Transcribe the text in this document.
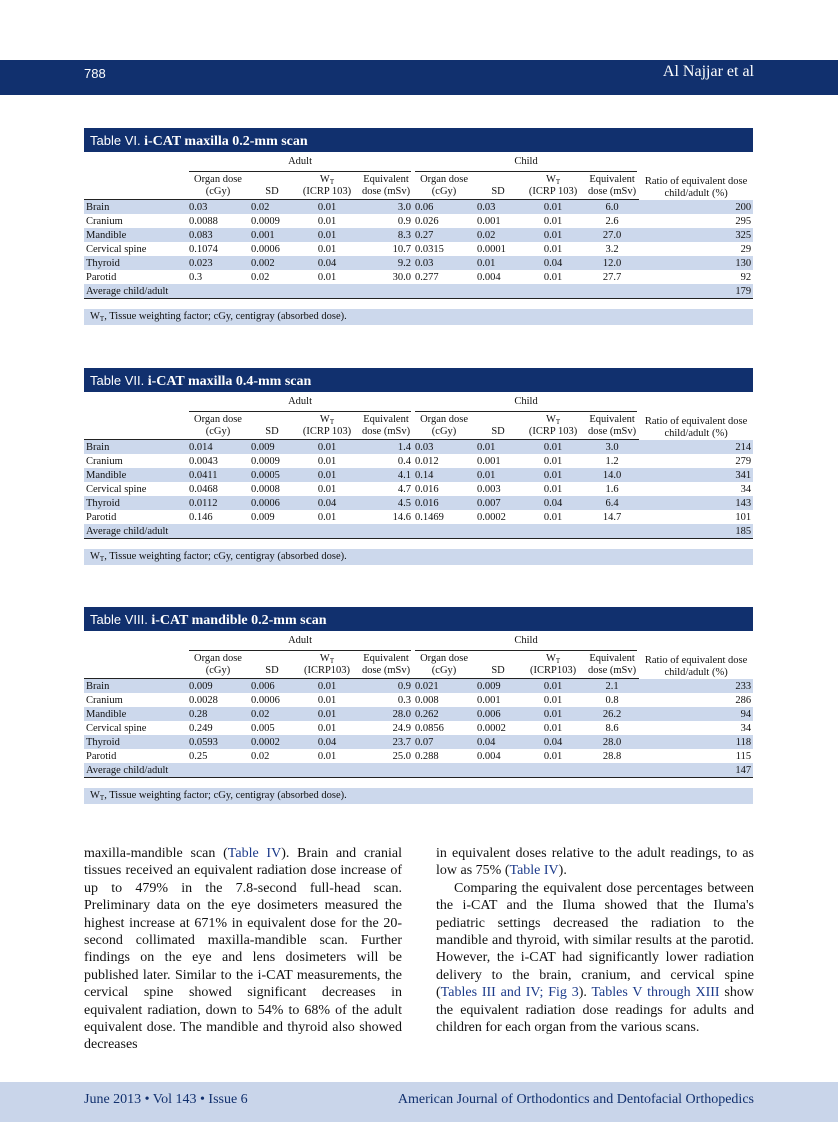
788	Al Najjar et al
Table VI. i-CAT maxilla 0.2-mm scan

	Adult				Child				Ratio of equivalent dose child/adult (%)
	Organ dose (cGy)	SD	$W_T$
(ICRP 103)	Equivalent dose (mSv)	Organ dose (cGy)	SD	$W_T$
(ICRP 103)	Equivalent dose (mSv)	
Brain	0.03	0.02	0.01	3.0	0.06	0.03	0.01	6.0	200
Cranium	0.0088	0.0009	0.01	0.9	0.026	0.001	0.01	2.6	295
Mandible	0.083	0.001	0.01	8.3	0.27	0.02	0.01	27.0	325
Cervical spine	0.1074	0.0006	0.01	10.7	0.0315	0.0001	0.01	3.2	29
Thyroid	0.023	0.002	0.04	9.2	0.03	0.01	0.04	12.0	130
Parotid	0.3	0.02	0.01	30.0	0.277	0.004	0.01	27.7	92
Average child/adult									179
$W_T$, Tissue weighting factor; cGy, centigray (absorbed dose).
Table VII. i-CAT maxilla 0.4-mm scan

	Adult				Child				Ratio of equivalent dose child/adult (%)
	Organ dose (cGy)	SD	$W_T$
(ICRP 103)	Equivalent dose (mSv)	Organ dose (cGy)	SD	$W_T$
(ICRP 103)	Equivalent dose (mSv)	
Brain	0.014	0.009	0.01	1.4	0.03	0.01	0.01	3.0	214
Cranium	0.0043	0.0009	0.01	0.4	0.012	0.001	0.01	1.2	279
Mandible	0.0411	0.0005	0.01	4.1	0.14	0.01	0.01	14.0	341
Cervical spine	0.0468	0.0008	0.01	4.7	0.016	0.003	0.01	1.6	34
Thyroid	0.0112	0.0006	0.04	4.5	0.016	0.007	0.04	6.4	143
Parotid	0.146	0.009	0.01	14.6	0.1469	0.0002	0.01	14.7	101
Average child/adult									185
$W_T$, Tissue weighting factor; cGy, centigray (absorbed dose).
Table VIII. i-CAT mandible 0.2-mm scan

	Adult				Child				Ratio of equivalent dose child/adult (%)
	Organ dose (cGy)	SD	$W_T$
(ICRP103)	Equivalent dose (mSv)	Organ dose (cGy)	SD	$W_T$
(ICRP103)	Equivalent dose (mSv)	
Brain	0.009	0.006	0.01	0.9	0.021	0.009	0.01	2.1	233
Cranium	0.0028	0.0006	0.01	0.3	0.008	0.001	0.01	0.8	286
Mandible	0.28	0.02	0.01	28.0	0.262	0.006	0.01	26.2	94
Cervical spine	0.249	0.005	0.01	24.9	0.0856	0.0002	0.01	8.6	34
Thyroid	0.0593	0.0002	0.04	23.7	0.07	0.04	0.04	28.0	118
Parotid	0.25	0.02	0.01	25.0	0.288	0.004	0.01	28.8	115
Average child/adult									147
$W_T$, Tissue weighting factor; cGy, centigray (absorbed dose).

maxilla-mandible scan (Table IV). Brain and cranial tissues received an equivalent radiation dose increase of up to 479% in the 7.8-second full-head scan. Preliminary data on the eye dosimeters measured the highest increase at 671% in equivalent dose for the 20-second collimated maxilla-mandible scan. Further findings on the eye and lens dosimeters will be published later. Similar to the i-CAT measurements, the cervical spine showed significant decreases in equivalent radiation, down to 54% to 68% of the adult equivalent dose. The mandible and thyroid also showed decreases

in equivalent doses relative to the adult readings, to as low as 75% (Table IV).

Comparing the equivalent dose percentages between the i-CAT and the Iluma showed that the Iluma's pediatric settings decreased the radiation to the mandible and thyroid, with similar results at the parotid. However, the i-CAT had significantly lower radiation delivery to the brain, cranium, and cervical spine (Tables III and IV; Fig 3). Tables V through XIII show the equivalent radiation dose readings for adults and children for each organ from the various scans.

June 2013 • Vol 143 • Issue 6	American Journal of Orthodontics and Dentofacial Orthopedics
